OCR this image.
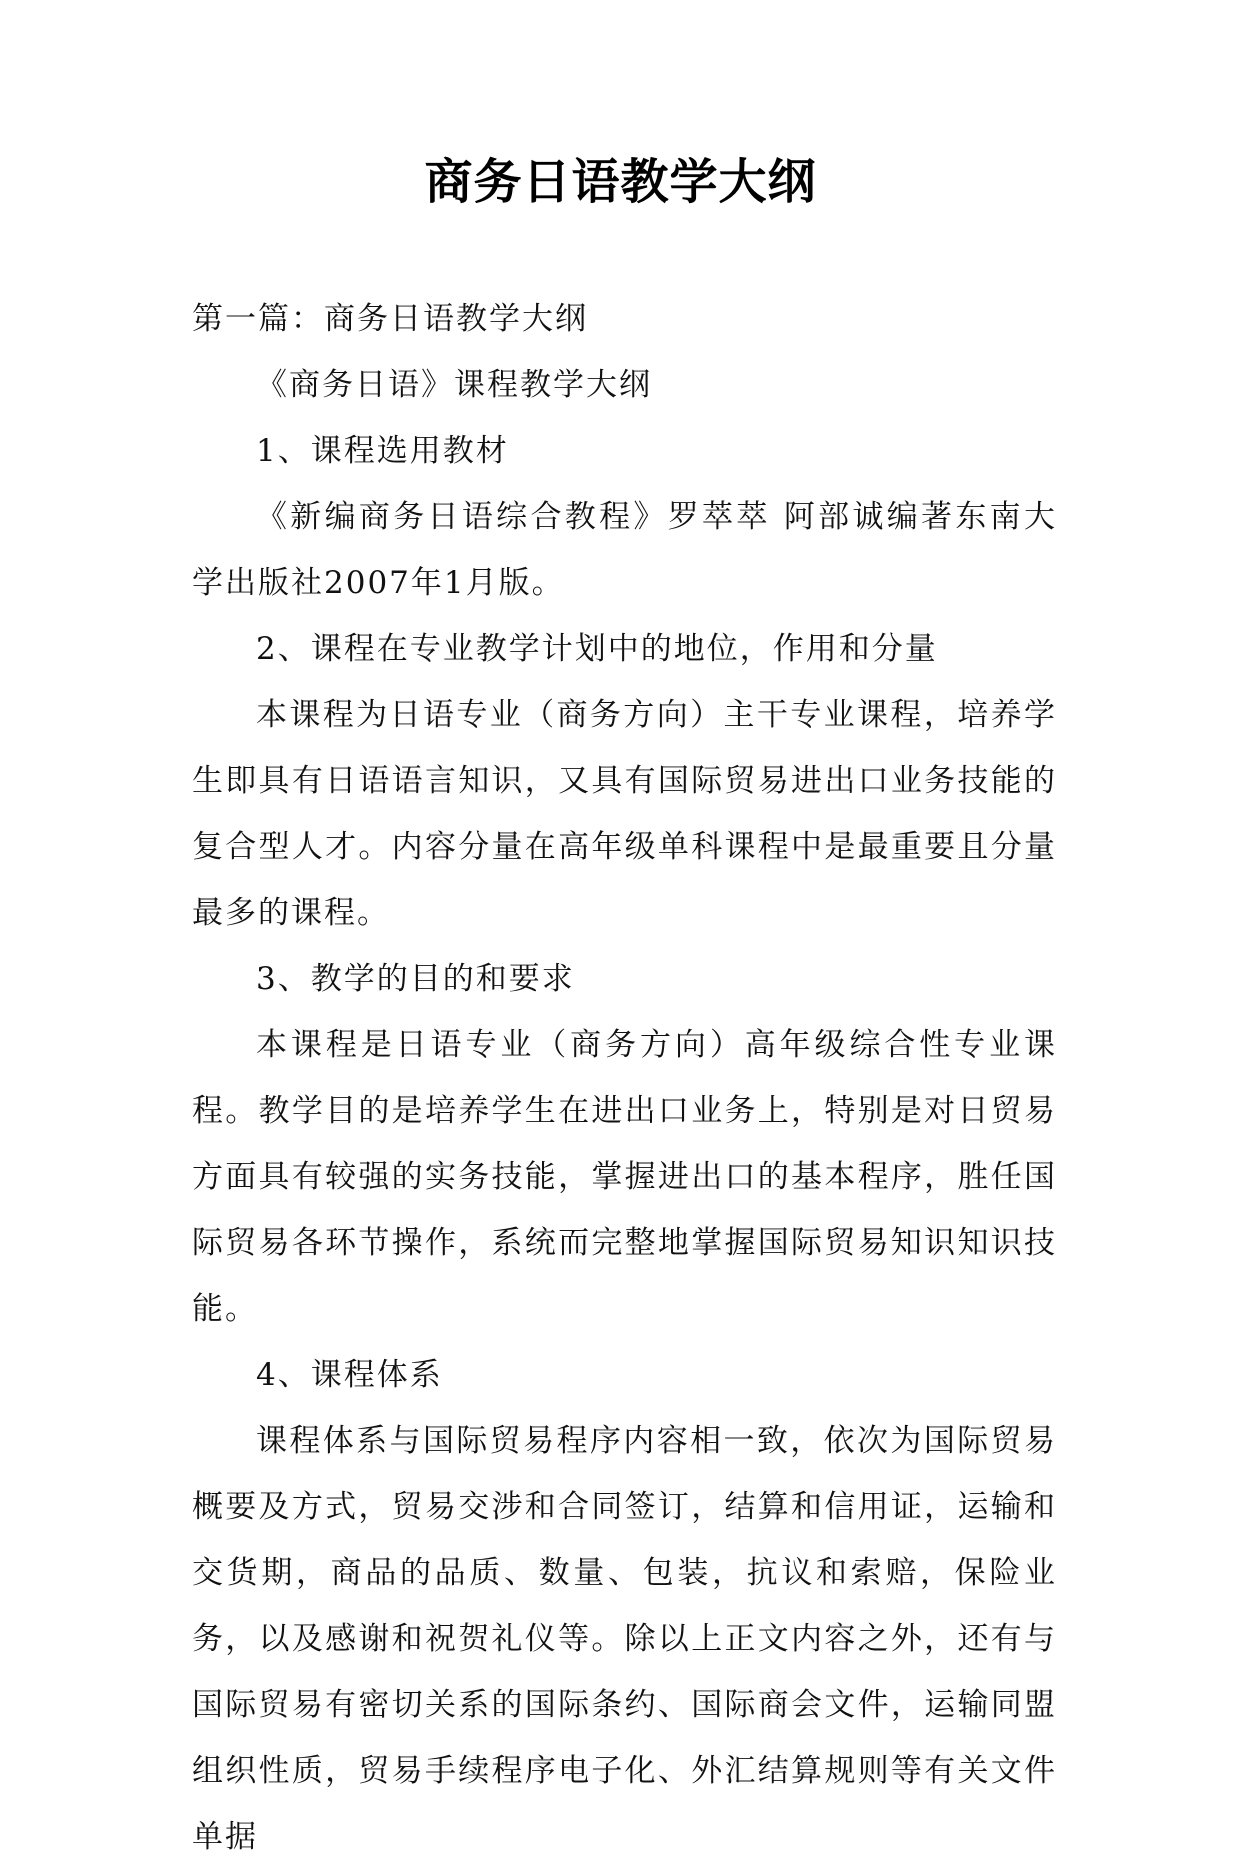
商务日语教学大纲

第一篇：商务日语教学大纲

《商务日语》课程教学大纲

1、课程选用教材

《新编商务日语综合教程》罗萃萃 阿部诚编著东南大学出版社2007年1月版。

2、课程在专业教学计划中的地位，作用和分量

本课程为日语专业（商务方向）主干专业课程，培养学生即具有日语语言知识，又具有国际贸易进出口业务技能的复合型人才。内容分量在高年级单科课程中是最重要且分量最多的课程。

3、教学的目的和要求

本课程是日语专业（商务方向）高年级综合性专业课程。教学目的是培养学生在进出口业务上，特别是对日贸易方面具有较强的实务技能，掌握进出口的基本程序，胜任国际贸易各环节操作，系统而完整地掌握国际贸易知识知识技能。

4、课程体系

课程体系与国际贸易程序内容相一致，依次为国际贸易概要及方式，贸易交涉和合同签订，结算和信用证，运输和交货期，商品的品质、数量、包装，抗议和索赔，保险业务，以及感谢和祝贺礼仪等。除以上正文内容之外，还有与国际贸易有密切关系的国际条约、国际商会文件，运输同盟组织性质，贸易手续程序电子化、外汇结算规则等有关文件单据
